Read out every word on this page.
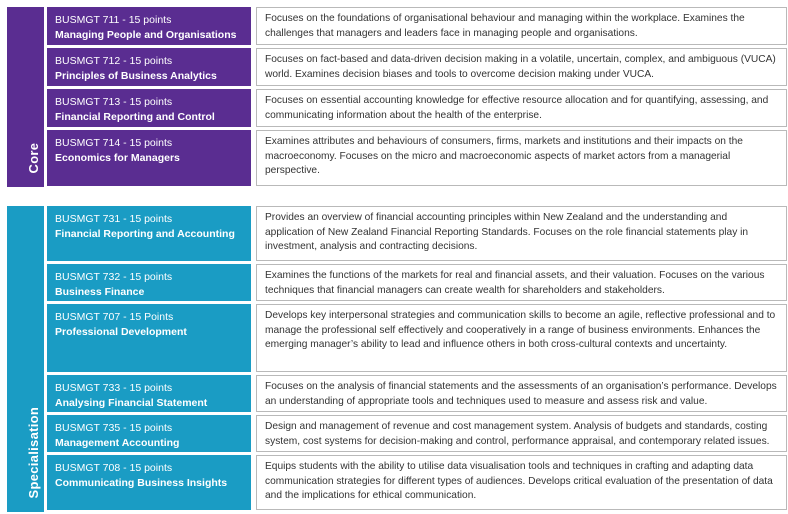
Core
BUSMGT 711 - 15 points
Managing People and Organisations
Focuses on the foundations of organisational behaviour and managing within the workplace. Examines the challenges that managers and leaders face in managing people and organisations.
BUSMGT 712 - 15 points
Principles of Business Analytics
Focuses on fact-based and data-driven decision making in a volatile, uncertain, complex, and ambiguous (VUCA) world. Examines decision biases and tools to overcome decision making under VUCA.
BUSMGT 713 - 15 points
Financial Reporting and Control
Focuses on essential accounting knowledge for effective resource allocation and for quantifying, assessing, and communicating information about the health of the enterprise.
BUSMGT 714 - 15 points
Economics for Managers
Examines attributes and behaviours of consumers, firms, markets and institutions and their impacts on the macroeconomy. Focuses on the micro and macroeconomic aspects of market actors from a managerial perspective.
Specialisation
BUSMGT 731 - 15 points
Financial Reporting and Accounting
Provides an overview of financial accounting principles within New Zealand and the understanding and application of New Zealand Financial Reporting Standards. Focuses on the role financial statements play in investment, analysis and contracting decisions.
BUSMGT 732 - 15 points
Business Finance
Examines the functions of the markets for real and financial assets, and their valuation. Focuses on the various techniques that financial managers can create wealth for shareholders and stakeholders.
BUSMGT 707 - 15 Points
Professional Development
Develops key interpersonal strategies and communication skills to become an agile, reflective professional and to manage the professional self effectively and cooperatively in a range of business environments. Enhances the emerging manager’s ability to lead and influence others in both cross-cultural contexts and uncertainty.
BUSMGT 733 - 15 points
Analysing Financial Statement
Focuses on the analysis of financial statements and the assessments of an organisation’s performance. Develops an understanding of appropriate tools and techniques used to measure and assess risk and value.
BUSMGT 735 - 15 points
Management Accounting
Design and management of revenue and cost management system. Analysis of budgets and standards, costing system, cost systems for decision-making and control, performance appraisal, and contemporary related issues.
BUSMGT 708 - 15 points
Communicating Business Insights
Equips students with the ability to utilise data visualisation tools and techniques in crafting and adapting data communication strategies for different types of audiences. Develops critical evaluation of the presentation of data and the implications for ethical communication.
